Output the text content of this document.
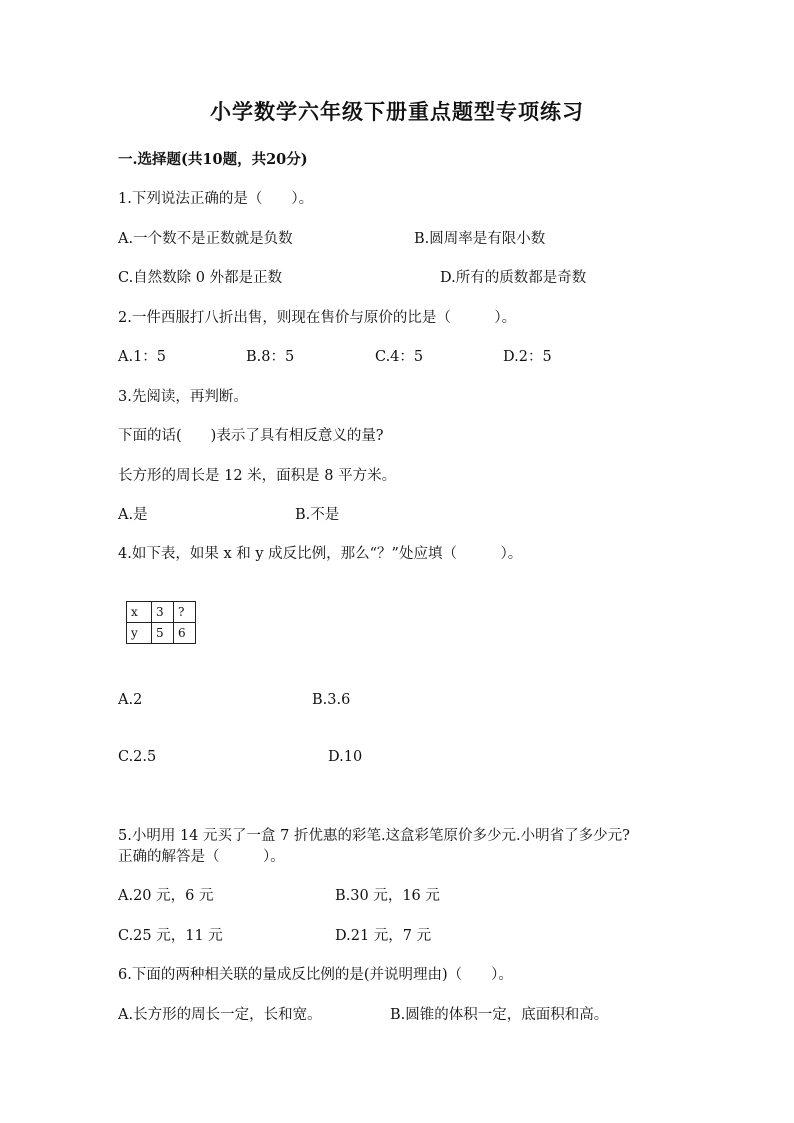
小学数学六年级下册重点题型专项练习
一.选择题(共10题，共20分)
1.下列说法正确的是（　　）。
A.一个数不是正数就是负数	B.圆周率是有限小数
C.自然数除 0 外都是正数	D.所有的质数都是奇数
2.一件西服打八折出售，则现在售价与原价的比是（　　　）。
A.1：5	B.8：5	C.4：5	D.2：5
3.先阅读，再判断。
下面的话(　　)表示了具有相反意义的量?
长方形的周长是 12 米，面积是 8 平方米。
A.是	B.不是
4.如下表，如果 x 和 y 成反比例，那么“？”处应填（　　　）。
x	3	?
y	5	6
A.2	B.3.6
C.2.5	D.10
5.小明用 14 元买了一盒 7 折优惠的彩笔.这盒彩笔原价多少元.小明省了多少元?
正确的解答是（　　　）。
A.20 元，6 元	B.30 元，16 元
C.25 元，11 元	D.21 元，7 元
6.下面的两种相关联的量成反比例的是(并说明理由)（　　）。
A.长方形的周长一定，长和宽。	B.圆锥的体积一定，底面积和高。
